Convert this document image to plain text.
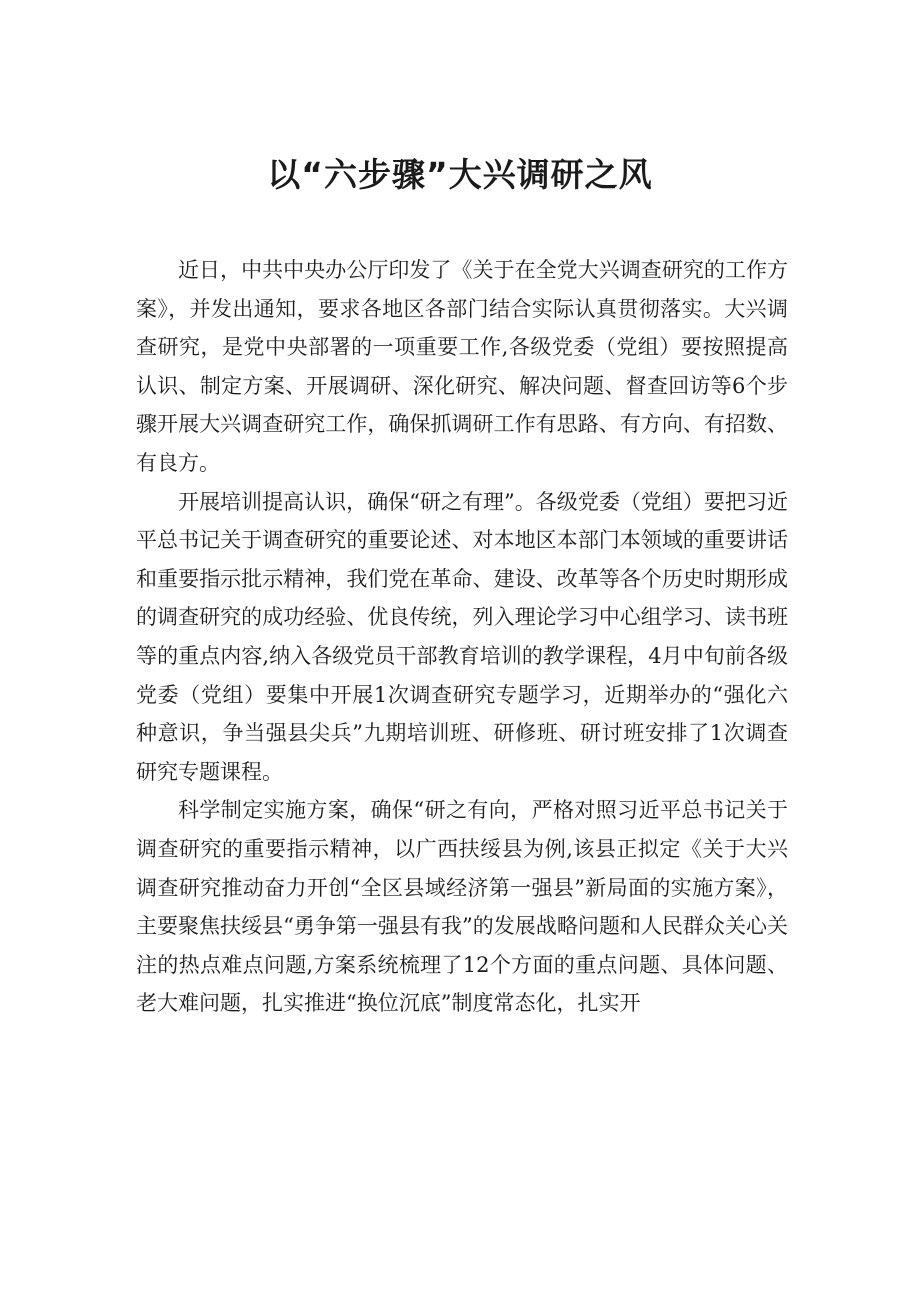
以“六步骤”大兴调研之风

近日，中共中央办公厅印发了《关于在全党大兴调查研究的工作方案》，并发出通知，要求各地区各部门结合实际认真贯彻落实。大兴调查研究，是党中央部署的一项重要工作,各级党委（党组）要按照提高认识、制定方案、开展调研、深化研究、解决问题、督查回访等6个步骤开展大兴调查研究工作，确保抓调研工作有思路、有方向、有招数、有良方。

开展培训提高认识，确保“研之有理”。各级党委（党组）要把习近平总书记关于调查研究的重要论述、对本地区本部门本领域的重要讲话和重要指示批示精神，我们党在革命、建设、改革等各个历史时期形成的调查研究的成功经验、优良传统，列入理论学习中心组学习、读书班等的重点内容,纳入各级党员干部教育培训的教学课程，4月中旬前各级党委（党组）要集中开展1次调查研究专题学习，近期举办的“强化六种意识，争当强县尖兵”九期培训班、研修班、研讨班安排了1次调查研究专题课程。

科学制定实施方案，确保“研之有向，严格对照习近平总书记关于调查研究的重要指示精神，以广西扶绥县为例,该县正拟定《关于大兴调查研究推动奋力开创“全区县域经济第一强县”新局面的实施方案》，主要聚焦扶绥县“勇争第一强县有我”的发展战略问题和人民群众关心关注的热点难点问题,方案系统梳理了12个方面的重点问题、具体问题、老大难问题，扎实推进“换位沉底”制度常态化，扎实开
